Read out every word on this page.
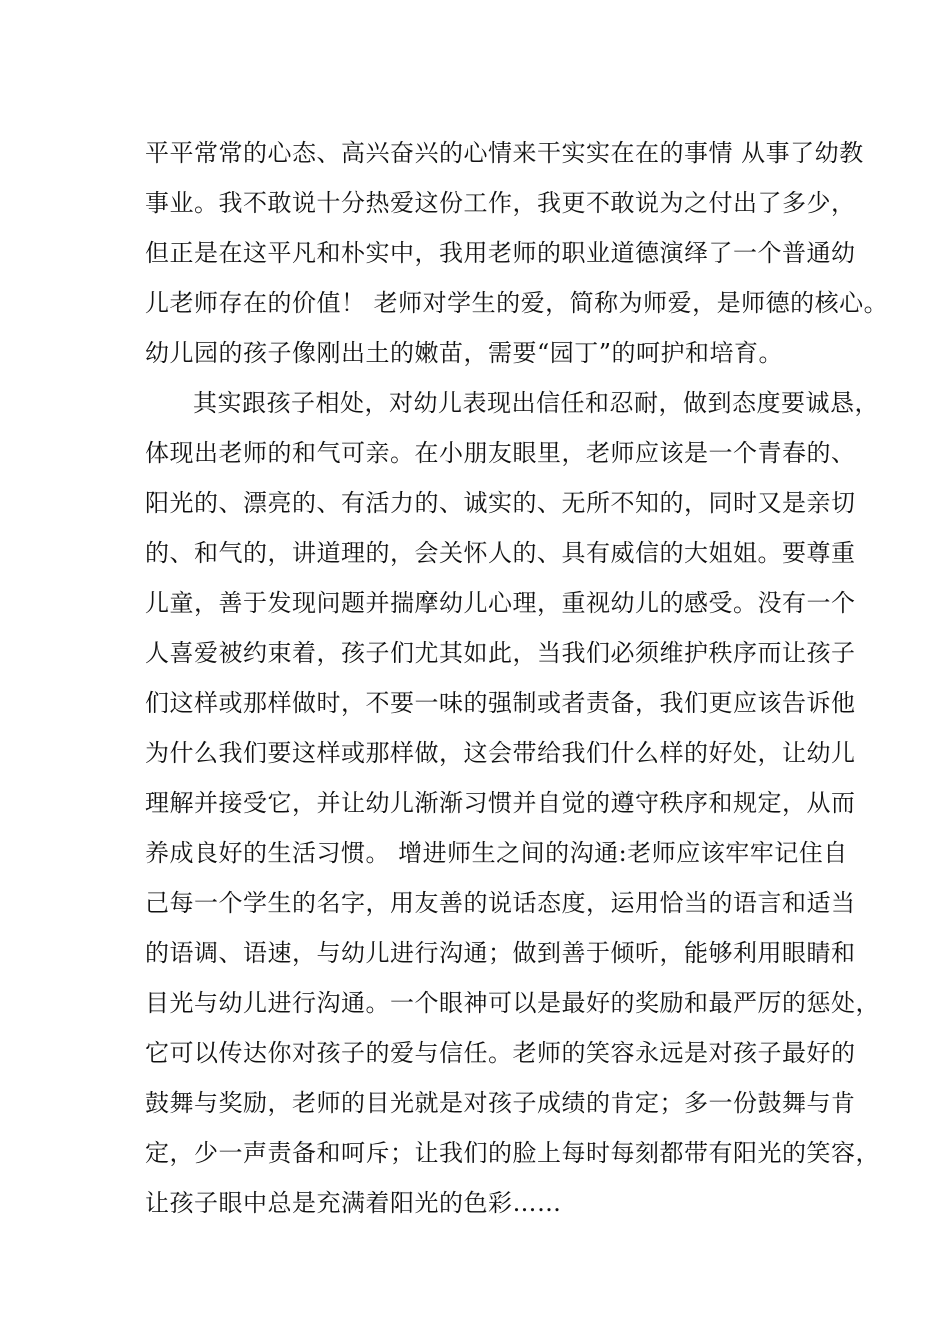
平平常常的心态、高兴奋兴的心情来干实实在在的事情 从事了幼教
事业。我不敢说十分热爱这份工作，我更不敢说为之付出了多少，
但正是在这平凡和朴实中，我用老师的职业道德演绎了一个普通幼
儿老师存在的价值！ 老师对学生的爱，简称为师爱，是师德的核心。
幼儿园的孩子像刚出土的嫩苗，需要“园丁”的呵护和培育。
其实跟孩子相处，对幼儿表现出信任和忍耐，做到态度要诚恳，
体现出老师的和气可亲。在小朋友眼里，老师应该是一个青春的、
阳光的、漂亮的、有活力的、诚实的、无所不知的，同时又是亲切
的、和气的，讲道理的，会关怀人的、具有威信的大姐姐。要尊重
儿童，善于发现问题并揣摩幼儿心理，重视幼儿的感受。没有一个
人喜爱被约束着，孩子们尤其如此，当我们必须维护秩序而让孩子
们这样或那样做时，不要一味的强制或者责备，我们更应该告诉他
为什么我们要这样或那样做，这会带给我们什么样的好处，让幼儿
理解并接受它，并让幼儿渐渐习惯并自觉的遵守秩序和规定，从而
养成良好的生活习惯。 增进师生之间的沟通:老师应该牢牢记住自
己每一个学生的名字，用友善的说话态度，运用恰当的语言和适当
的语调、语速，与幼儿进行沟通；做到善于倾听，能够利用眼睛和
目光与幼儿进行沟通。一个眼神可以是最好的奖励和最严厉的惩处，
它可以传达你对孩子的爱与信任。老师的笑容永远是对孩子最好的
鼓舞与奖励，老师的目光就是对孩子成绩的肯定；多一份鼓舞与肯
定，少一声责备和呵斥；让我们的脸上每时每刻都带有阳光的笑容，
让孩子眼中总是充满着阳光的色彩……
